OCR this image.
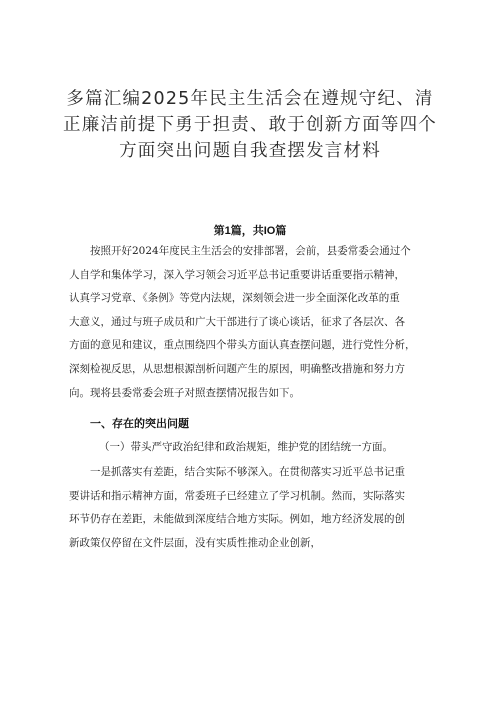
多篇汇编2025年民主生活会在遵规守纪、清
正廉洁前提下勇于担责、敢于创新方面等四个
方面突出问题自我查摆发言材料
第1篇，共IO篇
按照开好2024年度民主生活会的安排部署，会前，县委常委会通过个
人自学和集体学习，深入学习领会习近平总书记重要讲话重要指示精神，
认真学习党章、《条例》等党内法规，深刻领会进一步全面深化改革的重
大意义，通过与班子成员和广大干部进行了谈心谈话，征求了各层次、各
方面的意见和建议，重点围绕四个带头方面认真查摆问题，进行党性分析，
深刻检视反思，从思想根源剖析问题产生的原因，明确整改措施和努力方
向。现将县委常委会班子对照查摆情况报告如下。
一、存在的突出问题
（一）带头严守政治纪律和政治规矩，维护党的团结统一方面。
一是抓落实有差距，结合实际不够深入。在贯彻落实习近平总书记重
要讲话和指示精神方面，常委班子已经建立了学习机制。然而，实际落实
环节仍存在差距，未能做到深度结合地方实际。例如，地方经济发展的创
新政策仅停留在文件层面，没有实质性推动企业创新，
